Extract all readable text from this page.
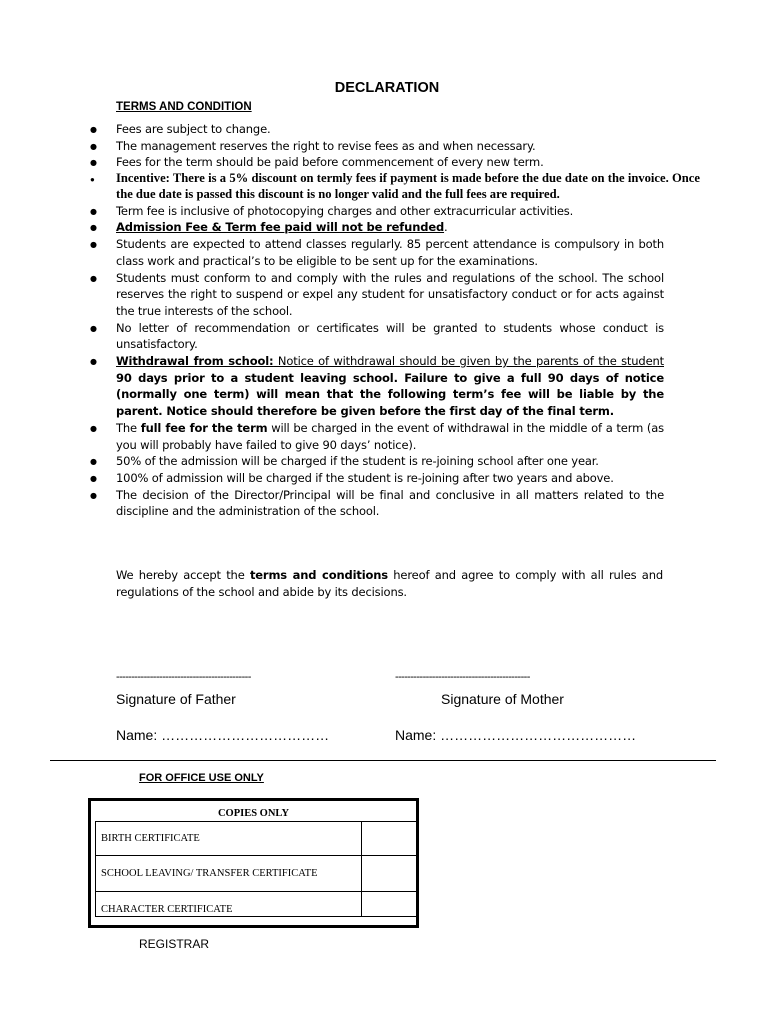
DECLARATION
TERMS AND CONDITION
● Fees are subject to change.
● The management reserves the right to revise fees as and when necessary.
● Fees for the term should be paid before commencement of every new term.
● Incentive: There is a 5% discount on termly fees if payment is made before the due date on the invoice. Once the due date is passed this discount is no longer valid and the full fees are required.
● Term fee is inclusive of photocopying charges and other extracurricular activities.
● Admission Fee & Term fee paid will not be refunded.
● Students are expected to attend classes regularly. 85 percent attendance is compulsory in both class work and practical’s to be eligible to be sent up for the examinations.
● Students must conform to and comply with the rules and regulations of the school. The school reserves the right to suspend or expel any student for unsatisfactory conduct or for acts against the true interests of the school.
● No letter of recommendation or certificates will be granted to students whose conduct is unsatisfactory.
● Withdrawal from school: Notice of withdrawal should be given by the parents of the student 90 days prior to a student leaving school. Failure to give a full 90 days of notice (normally one term) will mean that the following term’s fee will be liable by the parent. Notice should therefore be given before the first day of the final term.
● The full fee for the term will be charged in the event of withdrawal in the middle of a term (as you will probably have failed to give 90 days’ notice).
● 50% of the admission will be charged if the student is re-joining school after one year.
● 100% of admission will be charged if the student is re-joining after two years and above.
● The decision of the Director/Principal will be final and conclusive in all matters related to the discipline and the administration of the school.
We hereby accept the terms and conditions hereof and agree to comply with all rules and regulations of the school and abide by its decisions.
--------------------------------------------	--------------------------------------------
Signature of Father	Signature of Mother
Name: ………………………………	Name: ……………………………………
FOR OFFICE USE ONLY
COPIES ONLY
BIRTH CERTIFICATE	
SCHOOL LEAVING/ TRANSFER CERTIFICATE	
CHARACTER CERTIFICATE	
REGISTRAR
